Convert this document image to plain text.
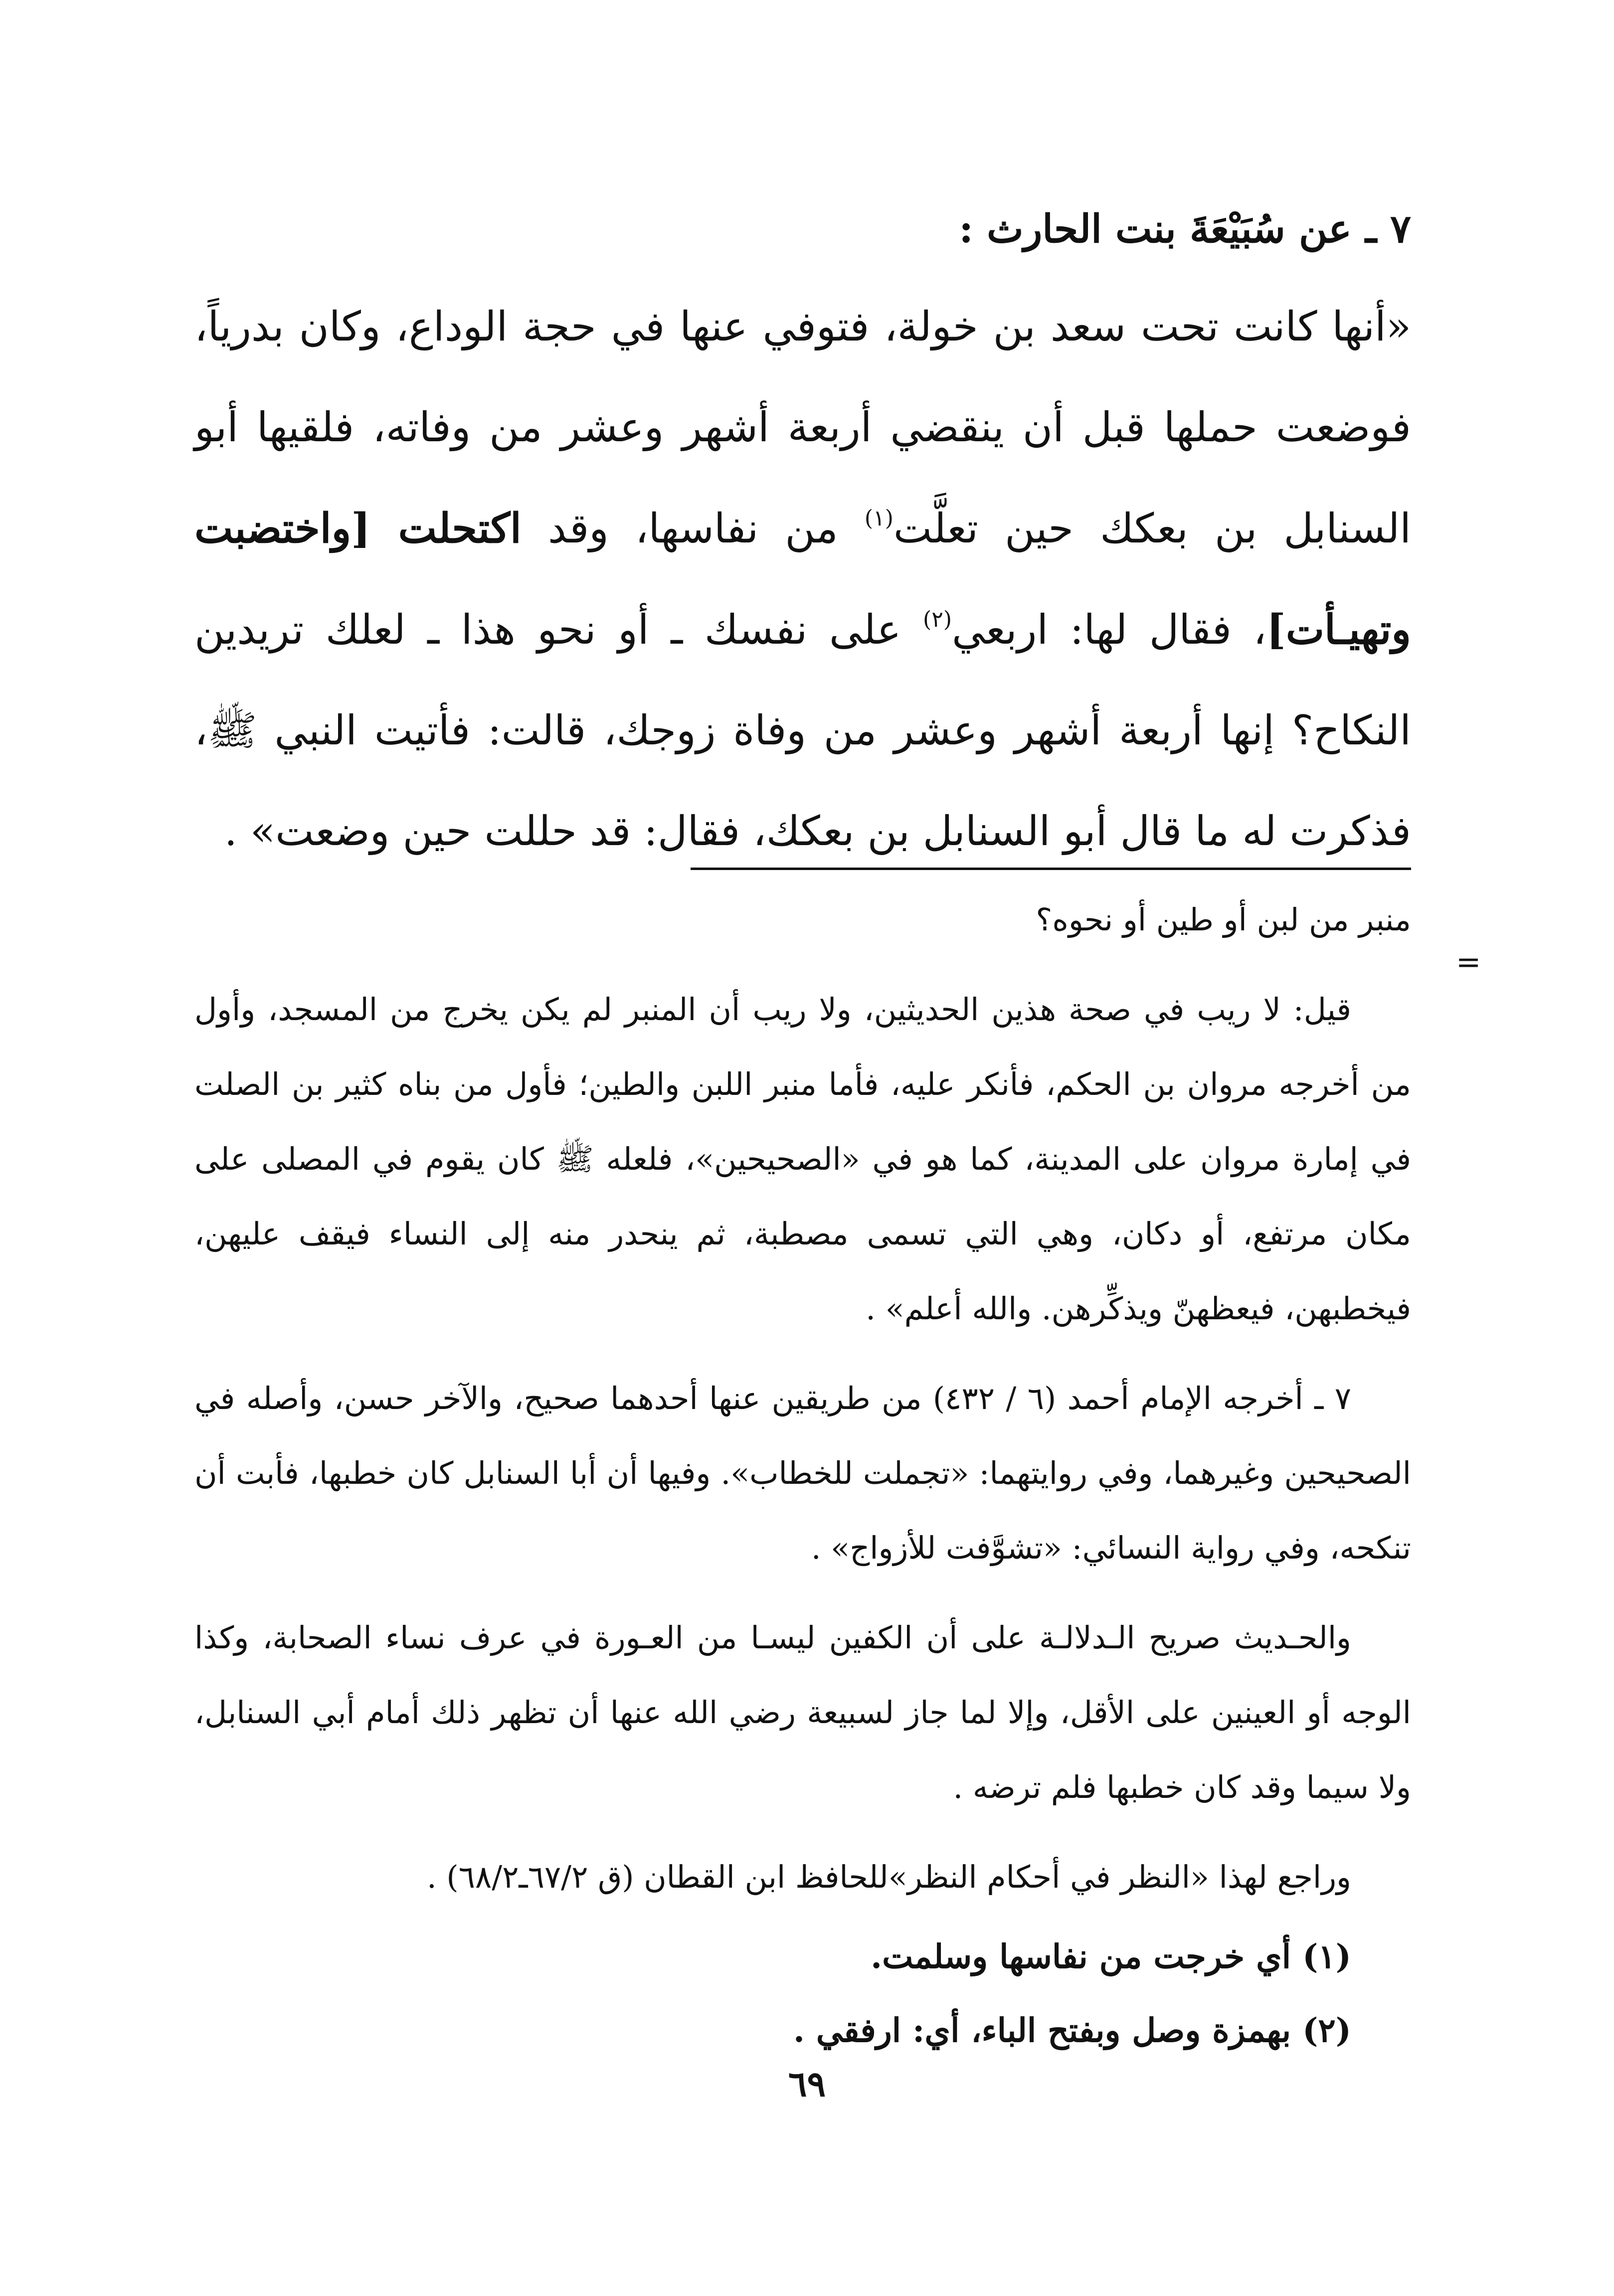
٧ ـ عن سُبَيْعَةَ بنت الحارث :

«أنها كانت تحت سعد بن خولة، فتوفي عنها في حجة الوداع، وكان بدرياً، فوضعت حملها قبل أن ينقضي أربعة أشهر وعشر من وفاته، فلقيها أبو السنابل بن بعكك حين تعلَّت$^{(١)}$ من نفاسها، وقد اكتحلت [واختضبت وتهيـأت]، فقال لها: اربعي$^{(٢)}$ على نفسك ـ أو نحو هذا ـ لعلك تريدين النكاح؟ إنها أربعة أشهر وعشر من وفاة زوجك، قالت: فأتيت النبي ﷺ، فذكرت له ما قال أبو السنابل بن بعكك، فقال: قد حللت حين وضعت» .

=

منبر من لبن أو طين أو نحوه؟

قيل: لا ريب في صحة هذين الحديثين، ولا ريب أن المنبر لم يكن يخرج من المسجد، وأول من أخرجه مروان بن الحكم، فأنكر عليه، فأما منبر اللبن والطين؛ فأول من بناه كثير بن الصلت في إمارة مروان على المدينة، كما هو في «الصحيحين»، فلعله ﷺ كان يقوم في المصلى على مكان مرتفع، أو دكان، وهي التي تسمى مصطبة، ثم ينحدر منه إلى النساء فيقف عليهن، فيخطبهن، فيعظهنّ ويذكِّرهن. والله أعلم» .

٧ ـ أخرجه الإمام أحمد (٦ / ٤٣٢) من طريقين عنها أحدهما صحيح، والآخر حسن، وأصله في الصحيحين وغيرهما، وفي روايتهما: «تجملت للخطاب». وفيها أن أبا السنابل كان خطبها، فأبت أن تنكحه، وفي رواية النسائي: «تشوَّفت للأزواج» .

والحـديث صريح الـدلالـة على أن الكفين ليسـا من العـورة في عرف نساء الصحابة، وكذا الوجه أو العينين على الأقل، وإلا لما جاز لسبيعة رضي الله عنها أن تظهر ذلك أمام أبي السنابل، ولا سيما وقد كان خطبها فلم ترضه .

وراجع لهذا «النظر في أحكام النظر»للحافظ ابن القطان (ق ٦٧/٢ـ٦٨/٢) .

(١) أي خرجت من نفاسها وسلمت.

(٢) بهمزة وصل وبفتح الباء، أي: ارفقي .

٦٩
